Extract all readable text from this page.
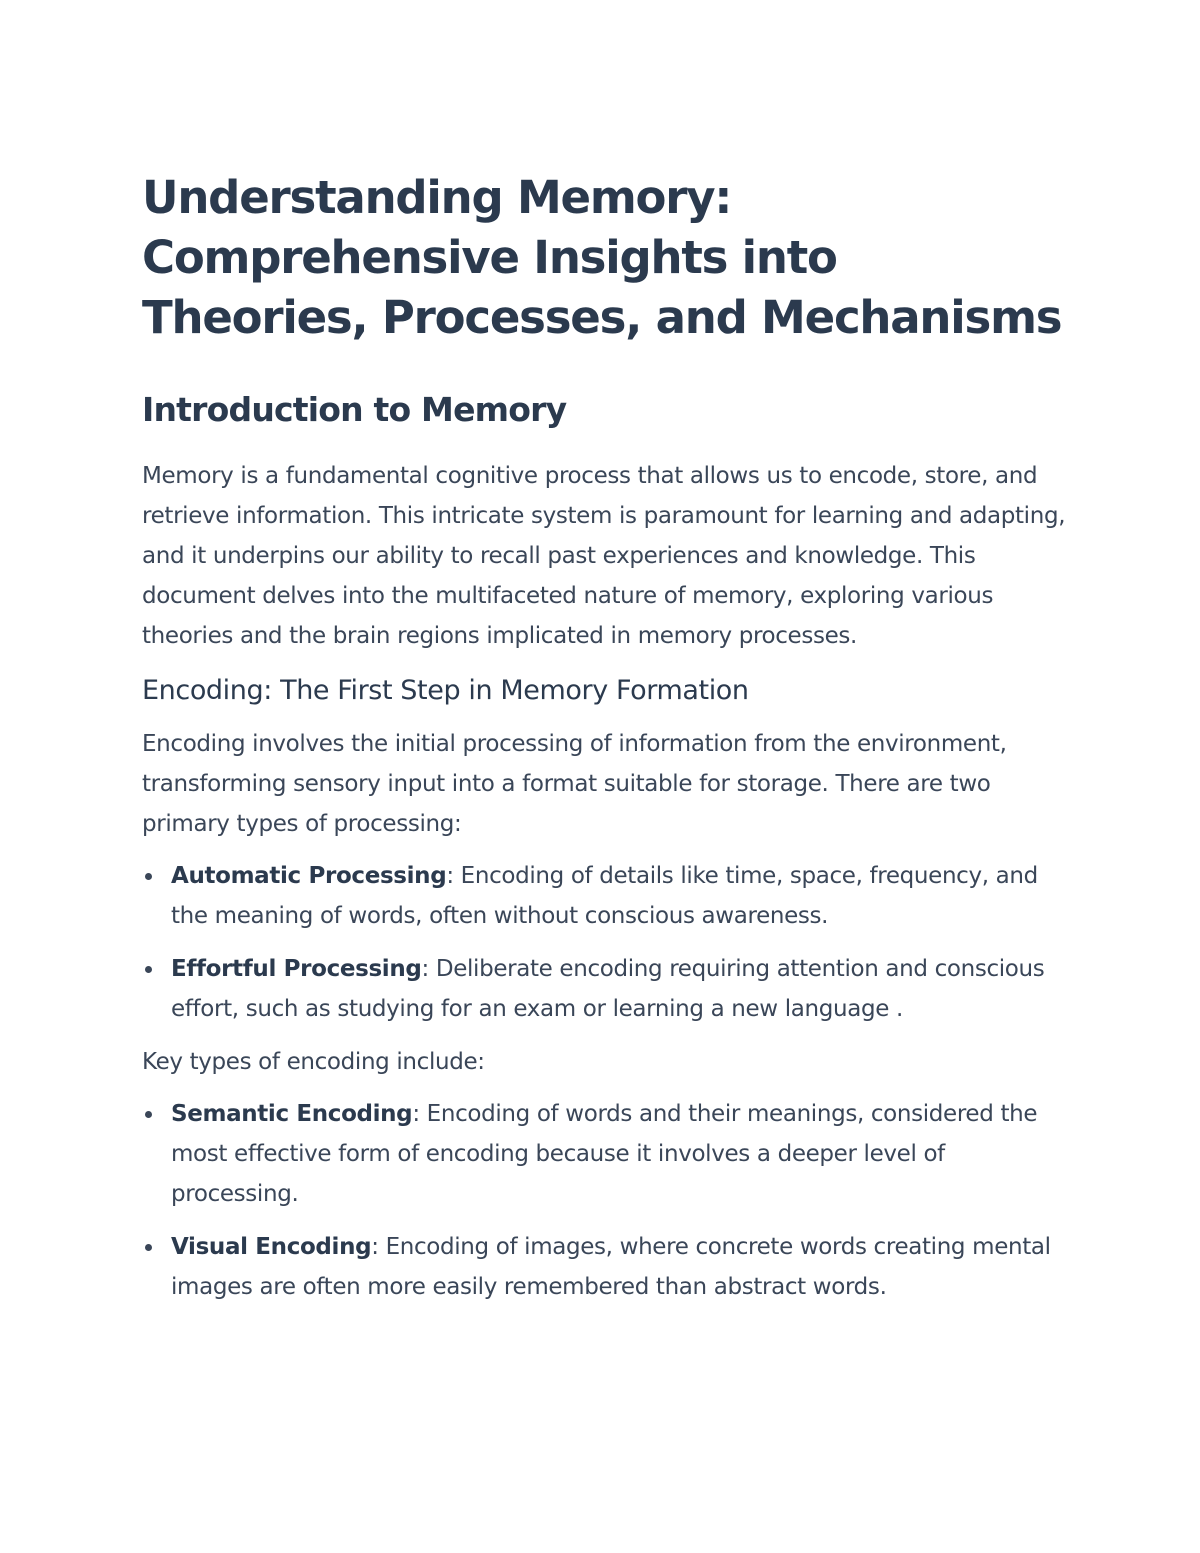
Understanding Memory: Comprehensive Insights into Theories, Processes, and Mechanisms
Introduction to Memory

Memory is a fundamental cognitive process that allows us to encode, store, and retrieve information. This intricate system is paramount for learning and adapting, and it underpins our ability to recall past experiences and knowledge. This document delves into the multifaceted nature of memory, exploring various theories and the brain regions implicated in memory processes.

Encoding: The First Step in Memory Formation

Encoding involves the initial processing of information from the environment, transforming sensory input into a format suitable for storage. There are two primary types of processing:

Automatic Processing: Encoding of details like time, space, frequency, and the meaning of words, often without conscious awareness.
Effortful Processing: Deliberate encoding requiring attention and conscious effort, such as studying for an exam or learning a new language .

Key types of encoding include:

Semantic Encoding: Encoding of words and their meanings, considered the most effective form of encoding because it involves a deeper level of processing.
Visual Encoding: Encoding of images, where concrete words creating mental images are often more easily remembered than abstract words.
